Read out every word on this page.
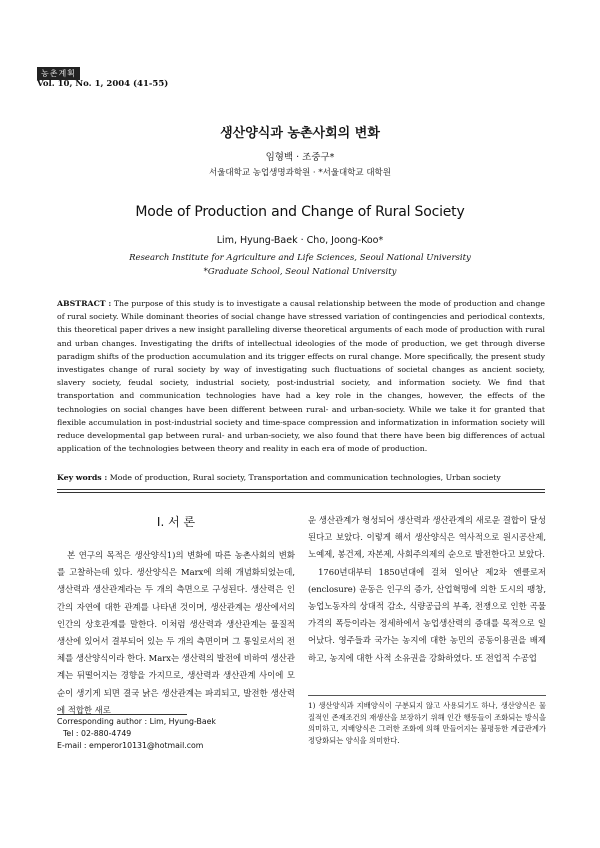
농촌계획
Vol. 10, No. 1, 2004 (41-55)
생산양식과 농촌사회의 변화
임형백 · 조중구*
서울대학교 농업생명과학원 · *서울대학교 대학원
Mode of Production and Change of Rural Society
Lim, Hyung-Baek · Cho, Joong-Koo*
Research Institute for Agriculture and Life Sciences, Seoul National University
*Graduate School, Seoul National University
ABSTRACT : The purpose of this study is to investigate a causal relationship between the mode of production and change of rural society. While dominant theories of social change have stressed variation of contingencies and periodical contexts, this theoretical paper drives a new insight paralleling diverse theoretical arguments of each mode of production with rural and urban changes. Investigating the drifts of intellectual ideologies of the mode of production, we get through diverse paradigm shifts of the production accumulation and its trigger effects on rural change. More specifically, the present study investigates change of rural society by way of investigating such fluctuations of societal changes as ancient society, slavery society, feudal society, industrial society, post-industrial society, and information society. We find that transportation and communication technologies have had a key role in the changes, however, the effects of the technologies on social changes have been different between rural- and urban-society. While we take it for granted that flexible accumulation in post-industrial society and time-space compression and informatization in information society will reduce developmental gap between rural- and urban-society, we also found that there have been big differences of actual application of the technologies between theory and reality in each era of mode of production.
Key words : Mode of production, Rural society, Transportation and communication technologies, Urban society
I. 서 론

본 연구의 목적은 생산양식1)의 변화에 따른 농촌사회의 변화를 고찰하는데 있다. 생산양식은 Marx에 의해 개념화되었는데, 생산력과 생산관계라는 두 개의 측면으로 구성된다. 생산력은 인간의 자연에 대한 관계를 나타낸 것이며, 생산관계는 생산에서의 인간의 상호관계를 말한다. 이처럼 생산력과 생산관계는 물질적 생산에 있어서 결부되어 있는 두 개의 측면이며 그 통일로서의 전체를 생산양식이라 한다. Marx는 생산력의 발전에 비하여 생산관계는 뒤떨어지는 경향을 가지므로, 생산력과 생산관계 사이에 모순이 생기게 되면 결국 낡은 생산관계는 파괴되고, 발전한 생산력에 적합한 새로

운 생산관계가 형성되어 생산력과 생산관계의 새로운 결합이 달성된다고 보았다. 이렇게 해서 생산양식은 역사적으로 원시공산제, 노예제, 봉건제, 자본제, 사회주의제의 순으로 발전한다고 보았다.

1760년대부터 1850년대에 걸쳐 일어난 제2차 엔클로저(enclosure) 운동은 인구의 증가, 산업혁명에 의한 도시의 팽창, 농업노동자의 상대적 감소, 식량공급의 부족, 전쟁으로 인한 곡물가격의 폭등이라는 정세하에서 농업생산력의 증대를 목적으로 일어났다. 영주들과 국가는 농지에 대한 농민의 공동이용권을 배제하고, 농지에 대한 사적 소유권을 강화하였다. 또 전업적 수공업

Corresponding author : Lim, Hyung-Baek
Tel : 02-880-4749
E-mail : emperor10131@hotmail.com
1) 생산양식과 지배양식이 구분되지 않고 사용되기도 하나, 생산양식은 물질적인 존재조건의 재생산을 보장하기 위해 인간 행동들이 조화되는 방식을 의미하고, 지배양식은 그러한 조화에 의해 만들어지는 불평등한 계급관계가 정당화되는 양식을 의미한다.
